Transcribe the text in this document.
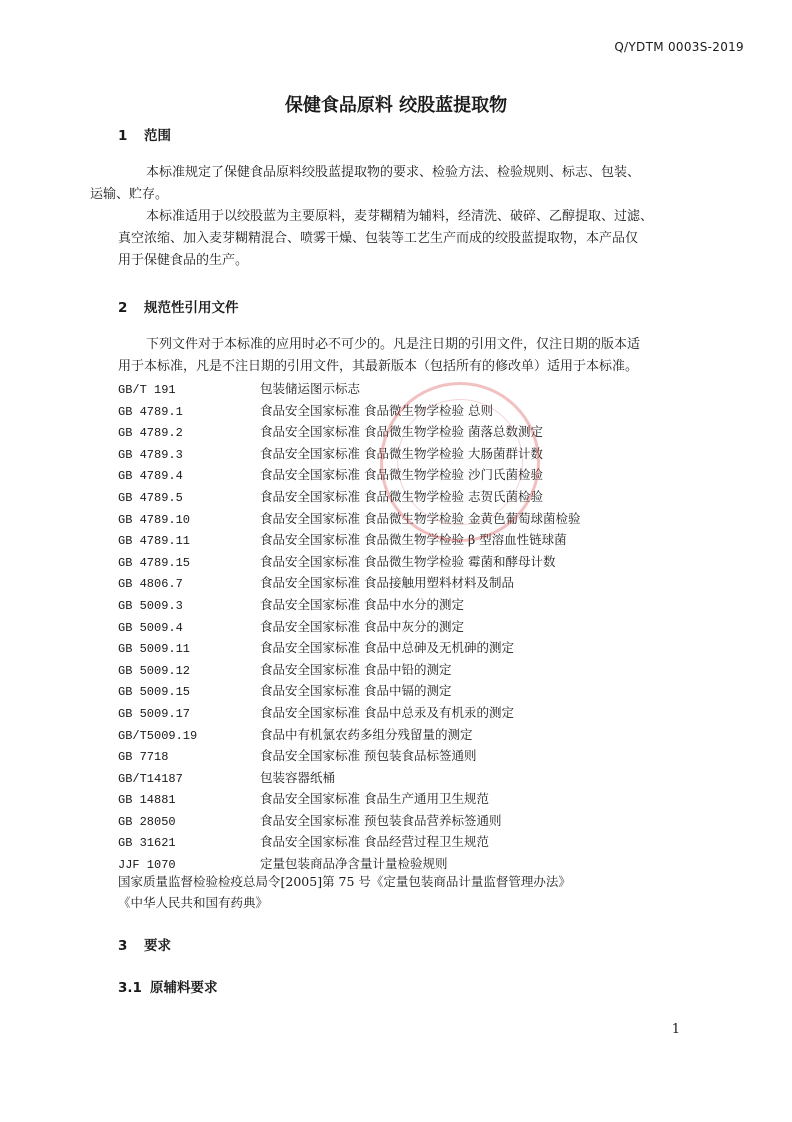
Q/YDTM 0003S-2019
保健食品原料 绞股蓝提取物
1 范围
本标准规定了保健食品原料绞股蓝提取物的要求、检验方法、检验规则、标志、包装、
运输、贮存。
本标准适用于以绞股蓝为主要原料，麦芽糊精为辅料，经清洗、破碎、乙醇提取、过滤、
真空浓缩、加入麦芽糊精混合、喷雾干燥、包装等工艺生产而成的绞股蓝提取物，本产品仅
用于保健食品的生产。
2 规范性引用文件
下列文件对于本标准的应用时必不可少的。凡是注日期的引用文件，仅注日期的版本适
用于本标准，凡是不注日期的引用文件，其最新版本（包括所有的修改单）适用于本标准。
GB/T 191	包装储运图示标志
GB 4789.1	食品安全国家标准 食品微生物学检验 总则
GB 4789.2	食品安全国家标准 食品微生物学检验 菌落总数测定
GB 4789.3	食品安全国家标准 食品微生物学检验 大肠菌群计数
GB 4789.4	食品安全国家标准 食品微生物学检验 沙门氏菌检验
GB 4789.5	食品安全国家标准 食品微生物学检验 志贺氏菌检验
GB 4789.10	食品安全国家标准 食品微生物学检验 金黄色葡萄球菌检验
GB 4789.11	食品安全国家标准 食品微生物学检验 β 型溶血性链球菌
GB 4789.15	食品安全国家标准 食品微生物学检验 霉菌和酵母计数
GB 4806.7	食品安全国家标准 食品接触用塑料材料及制品
GB 5009.3	食品安全国家标准 食品中水分的测定
GB 5009.4	食品安全国家标准 食品中灰分的测定
GB 5009.11	食品安全国家标准 食品中总砷及无机砷的测定
GB 5009.12	食品安全国家标准 食品中铅的测定
GB 5009.15	食品安全国家标准 食品中镉的测定
GB 5009.17	食品安全国家标准 食品中总汞及有机汞的测定
GB/T5009.19	食品中有机氯农药多组分残留量的测定
GB 7718	食品安全国家标准 预包装食品标签通则
GB/T14187	包装容器纸桶
GB 14881	食品安全国家标准 食品生产通用卫生规范
GB 28050	食品安全国家标准 预包装食品营养标签通则
GB 31621	食品安全国家标准 食品经营过程卫生规范
JJF 1070	定量包装商品净含量计量检验规则
国家质量监督检验检疫总局令[2005]第 75 号《定量包装商品计量监督管理办法》
《中华人民共和国有药典》
3 要求
3.1 原辅料要求
1
